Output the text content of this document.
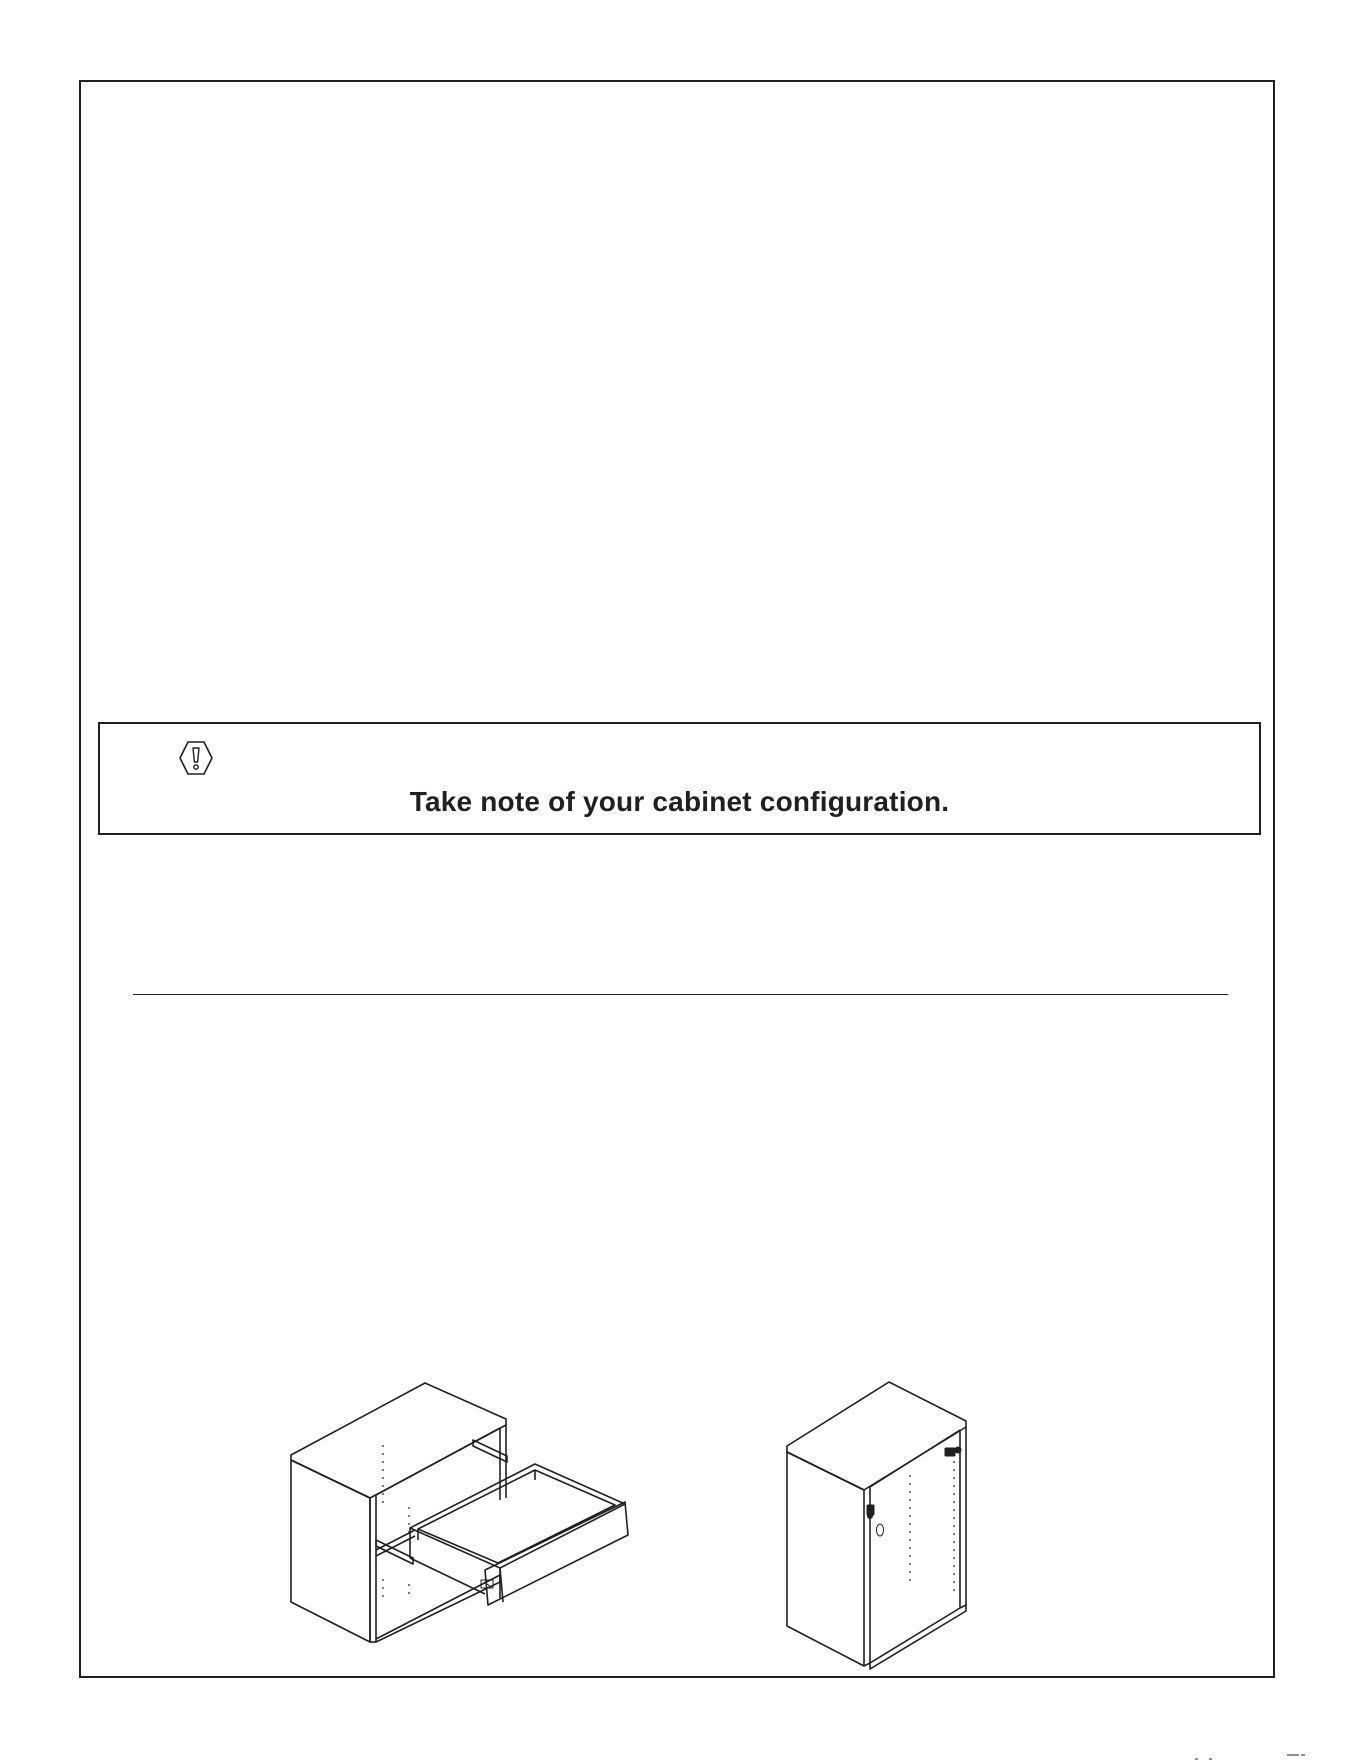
Take note of your cabinet configuration.
